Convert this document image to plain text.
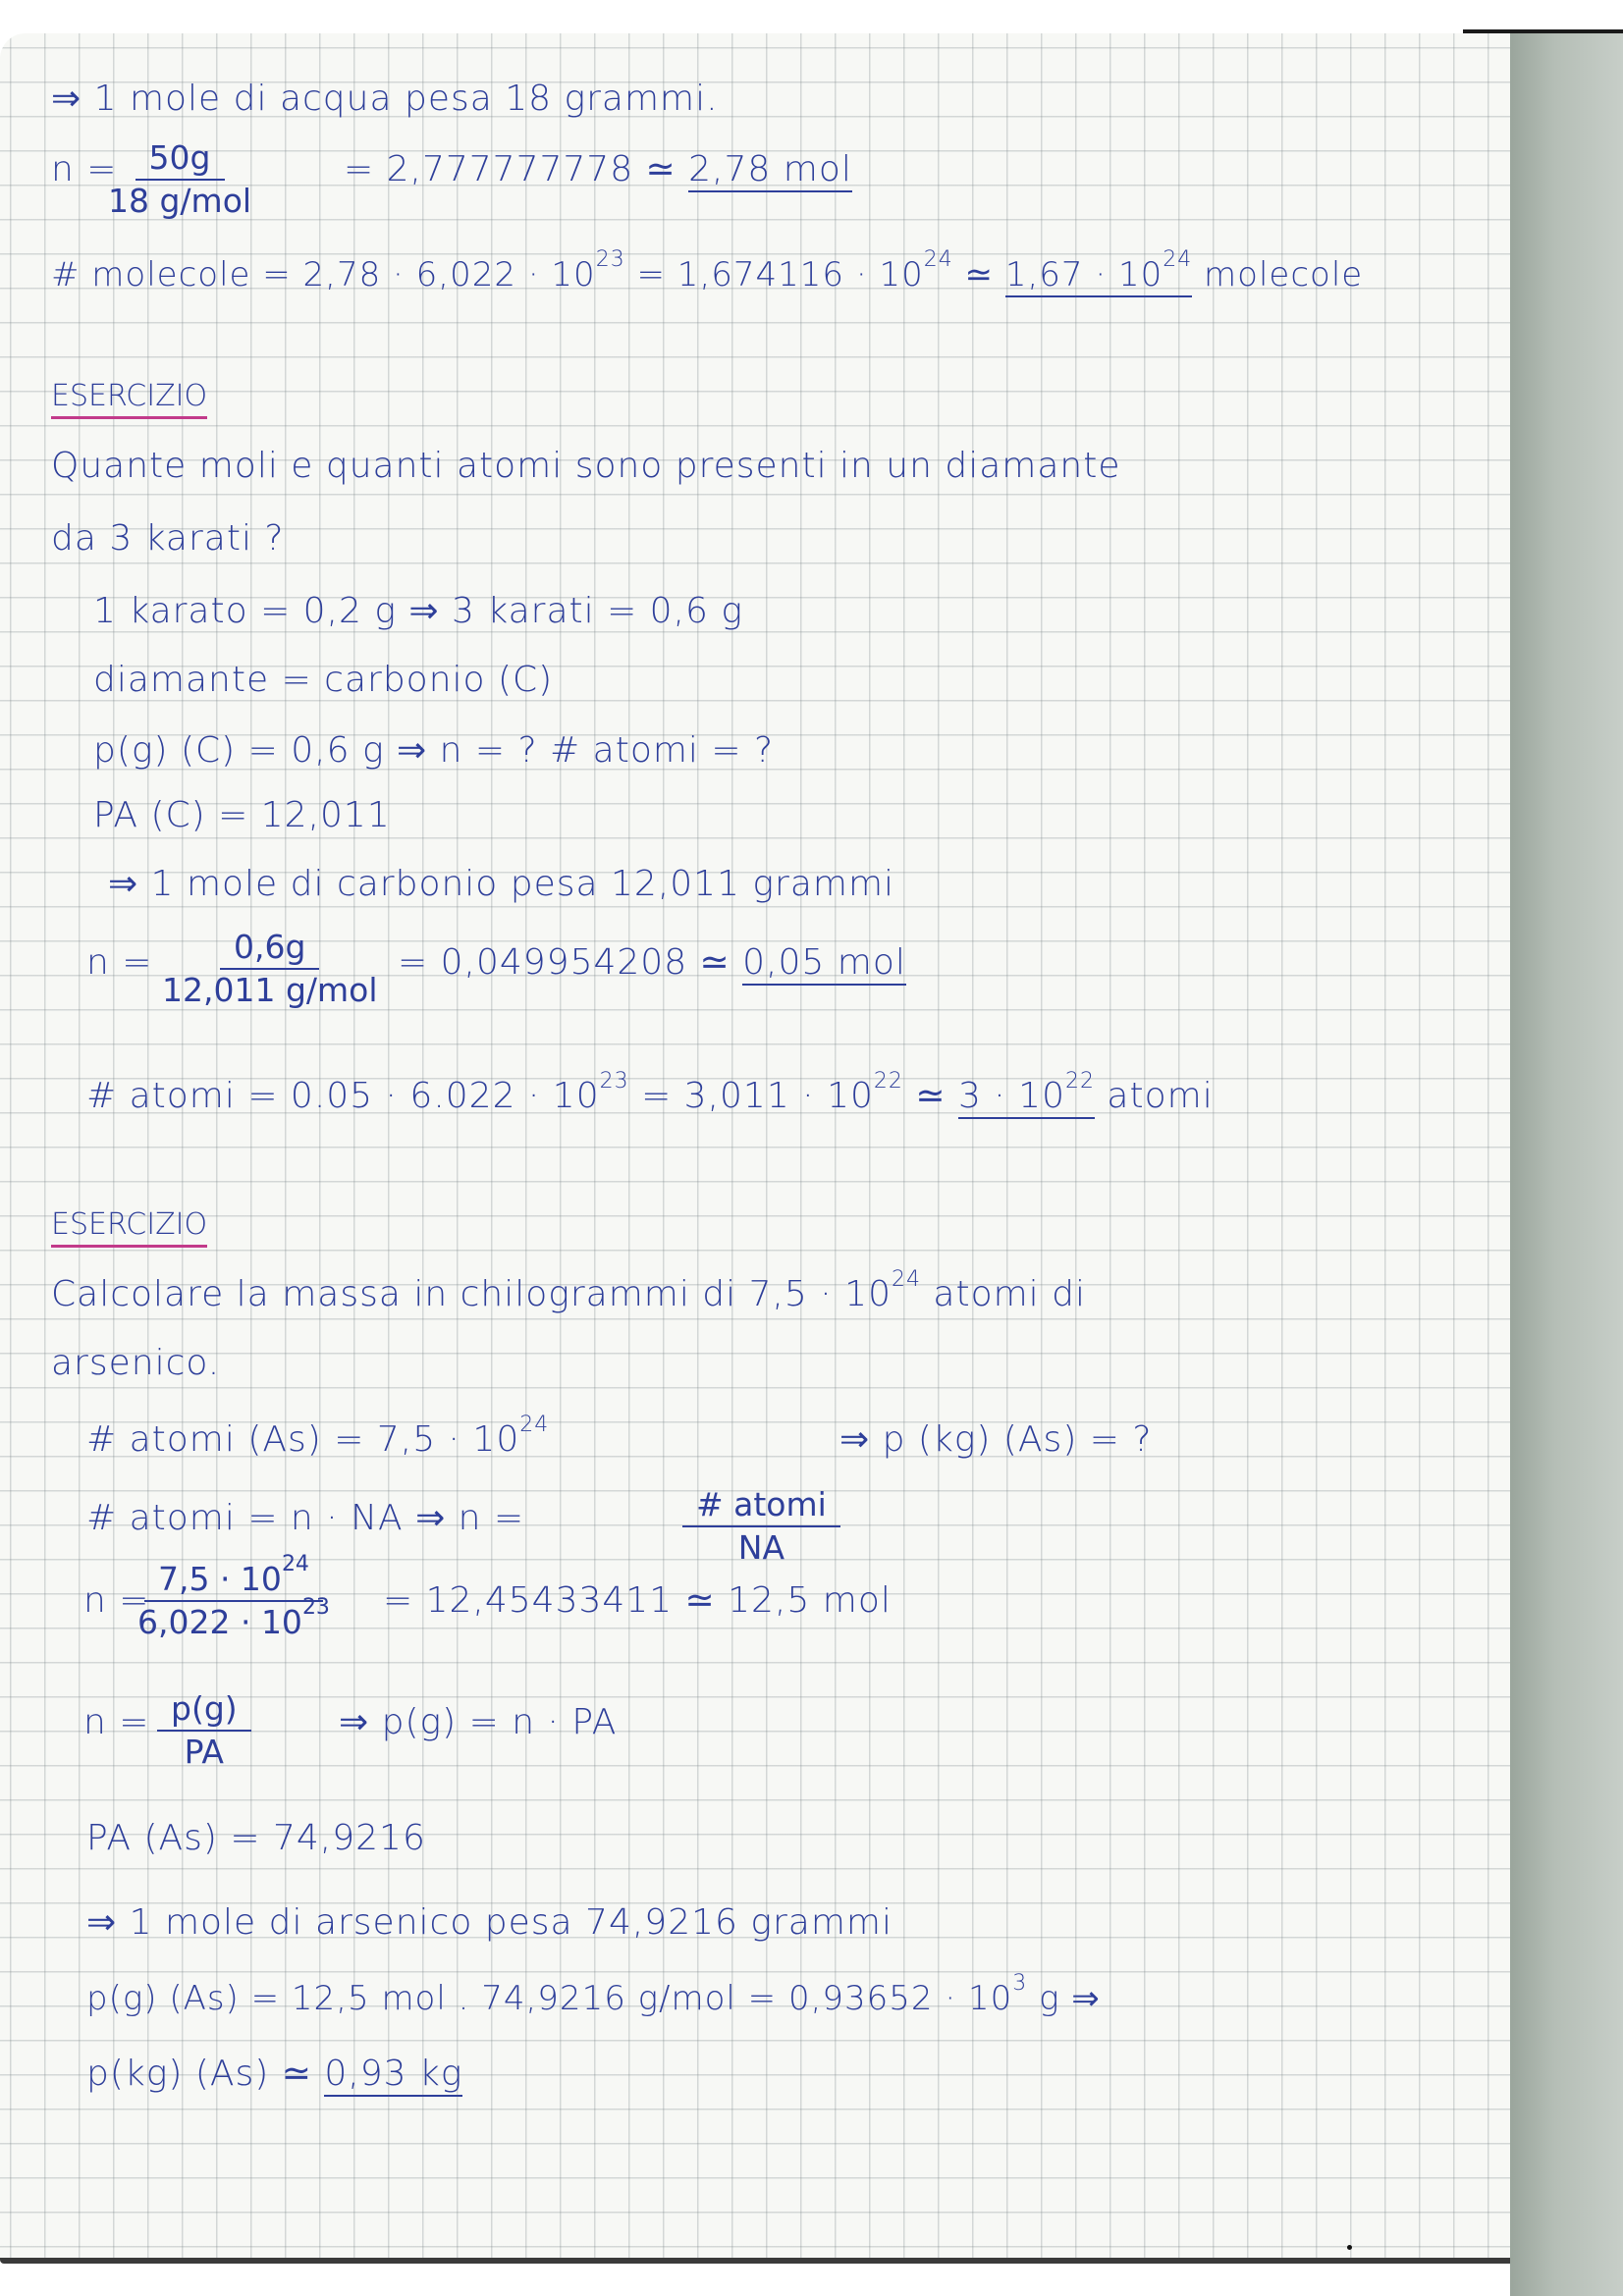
⇒ 1 mole di acqua pesa 18 grammi.
n = 50g
18 g/mol
= 2,777777778 ≃ 2,78 mol
# molecole = $2,78 \cdot 6,022 \cdot 10^{23} = 1,674116 \cdot 10^{24}$ ≃ $1,67 \cdot 10^{24}$ molecole
ESERCIZIO
Quante moli e quanti atomi sono presenti in un diamante
da 3 karati ?
1 karato = 0,2 g ⇒ 3 karati = 0,6 g
diamante = carbonio (C)
p(g) (C) = 0,6 g ⇒ n = ? # atomi = ?
PA (C) = 12,011
⇒ 1 mole di carbonio pesa 12,011 grammi
n =	0,6g
12,011 g/mol
= 0,049954208 ≃ 0,05 mol
# atomi = $0.05 \cdot 6.022 \cdot 10^{23} = 3,011 \cdot 10^{22}$ ≃ $3 \cdot 10^{22}$ atomi
ESERCIZIO
Calcolare la massa in chilogrammi di $7,5 \cdot 10^{24}$ atomi di
arsenico.
# atomi $(As) = 7,5 \cdot 10^{24}$	⇒ p (kg) (As) = ?
# atomi = n · NA ⇒ n =	# atomi
NA
n =
$\frac{7,5 \cdot 10^{24}}{6,022 \cdot 10^{23}} = 12,45433411$ ≃ 12,5 mol
$n = \frac{p(g)}{PA}$ ⇒ p(g) = n · PA
PA (As) = 74,9216
⇒ 1 mole di arsenico pesa 74,9216 grammi
p(g) (As) = 12,5 mol . 74,9216 $g/mol = 0,93652 \cdot 10^3$ g ⇒
p(kg) (As) ≃ 0,93 kg
